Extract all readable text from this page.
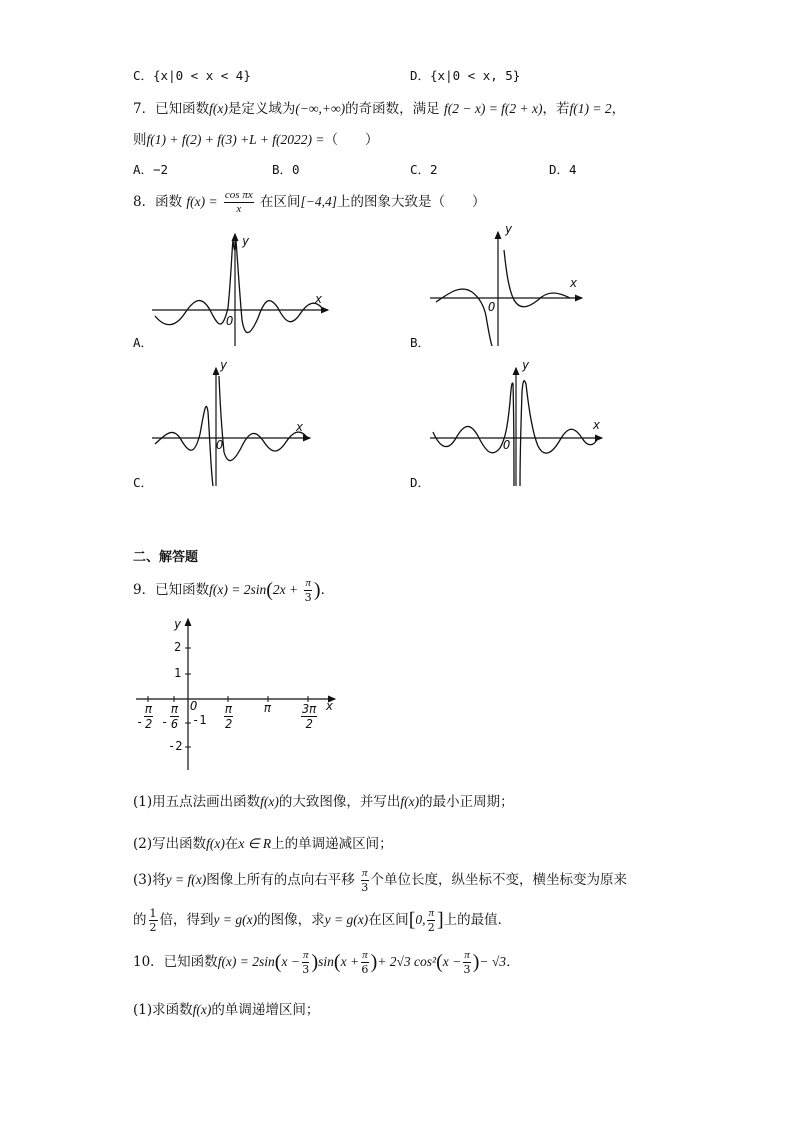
C．{x|0 < x < 4}	D．{x|0 < x, 5}
7．已知函数f(x)是定义域为(−∞,+∞)的奇函数，满足 f(2 − x) = f(2 + x)，若f(1) = 2，
则f(1) + f(2) + f(3) +L + f(2022) =（　　）
A．−2	B．0	C．2	D．4
8．函数 $f(x) = \frac{\text{cos πx}}{x}$ 在区间[−4,4]上的图象大致是（　　）
x
y
O
A．
x
y
O
B．
x
y
O
C．
x
y
O
D．
二、解答题
9．已知函数$f(x) = 2\sin(2x + \frac{\pi}{3}$ )．
y
x
2
1
-1
-2
O
- $\frac{\pi}{2} - \frac{\pi}{6}$	$\frac{\pi}{2}$	π $\frac{3\pi}{2}$
(1)用五点法画出函数f(x)的大致图像，并写出f(x)的最小正周期；
(2)写出函数f(x)在x ∈ R上的单调递减区间；
(3)将y = f(x)图像上所有的点向右平移 $\frac{\pi}{3}$ 个单位长度，纵坐标不变，横坐标变为原来
的 $\frac{1}{2}$ 倍，得到y = g(x)的图像，求y = g(x)在区间[0, $\frac{\pi}{2}$ ]上的最值．
10．已知函数$f(x) = 2\sin(x - \frac{\pi}{3} )\sin(x + \frac{\pi}{6}$ )+ 2√3 $\cos^2(x - \frac{\pi}{3}$ )− √3．
(1)求函数f(x)的单调递增区间；
